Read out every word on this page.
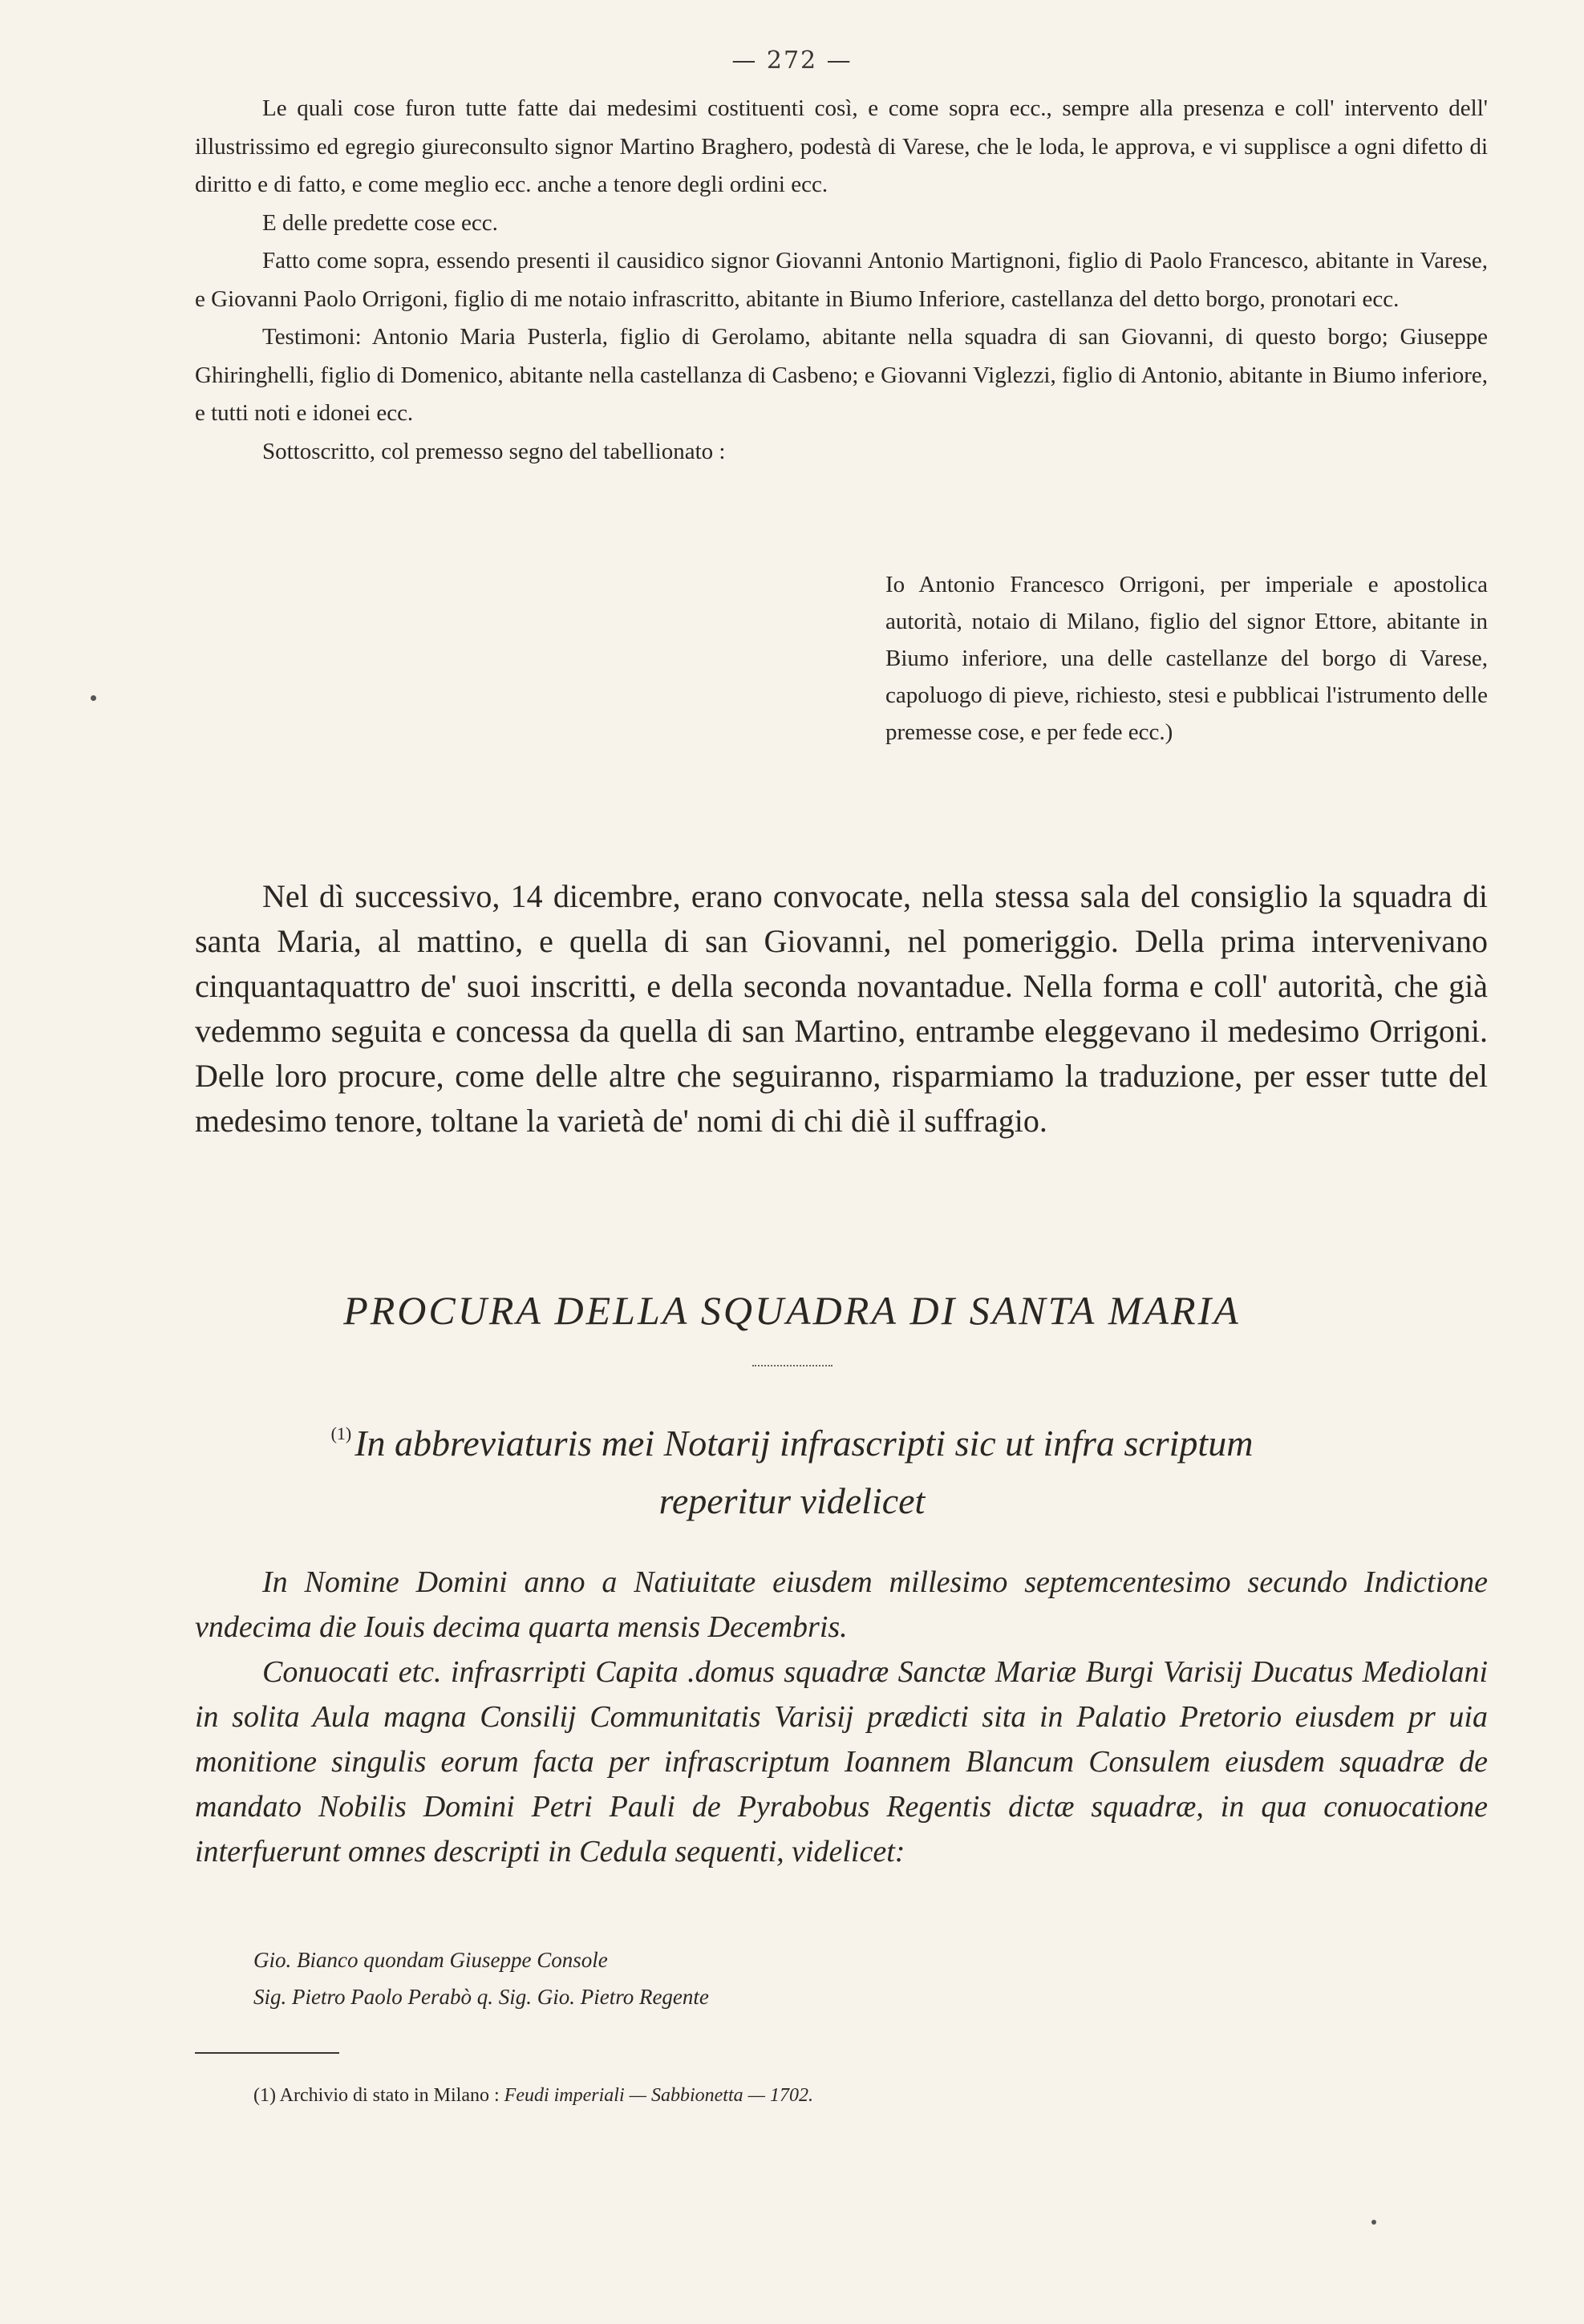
— 272 —

Le quali cose furon tutte fatte dai medesimi costituenti così, e come sopra ecc., sempre alla presenza e coll' intervento dell' illustrissimo ed egregio giureconsulto signor Martino Braghero, podestà di Varese, che le loda, le approva, e vi supplisce a ogni difetto di diritto e di fatto, e come meglio ecc. anche a tenore degli ordini ecc.

E delle predette cose ecc.

Fatto come sopra, essendo presenti il causidico signor Giovanni Antonio Martignoni, figlio di Paolo Francesco, abitante in Varese, e Giovanni Paolo Orrigoni, figlio di me notaio infrascritto, abitante in Biumo Inferiore, castellanza del detto borgo, pronotari ecc.

Testimoni: Antonio Maria Pusterla, figlio di Gerolamo, abitante nella squadra di san Giovanni, di questo borgo; Giuseppe Ghiringhelli, figlio di Domenico, abitante nella castellanza di Casbeno; e Giovanni Viglezzi, figlio di Antonio, abitante in Biumo inferiore, e tutti noti e idonei ecc.

Sottoscritto, col premesso segno del tabellionato :

Io Antonio Francesco Orrigoni, per imperiale e apostolica autorità, notaio di Milano, figlio del signor Ettore, abitante in Biumo inferiore, una delle castellanze del borgo di Varese, capoluogo di pieve, richiesto, stesi e pubblicai l'istrumento delle premesse cose, e per fede ecc.)

Nel dì successivo, 14 dicembre, erano convocate, nella stessa sala del consiglio la squadra di santa Maria, al mattino, e quella di san Giovanni, nel pomeriggio. Della prima intervenivano cinquantaquattro de' suoi inscritti, e della seconda novantadue. Nella forma e coll' autorità, che già vedemmo seguita e concessa da quella di san Martino, entrambe eleggevano il medesimo Orrigoni. Delle loro procure, come delle altre che seguiranno, risparmiamo la traduzione, per esser tutte del medesimo tenore, toltane la varietà de' nomi di chi diè il suffragio.

PROCURA DELLA SQUADRA DI SANTA MARIA
$^{(1)}$In abbreviaturis mei Notarij infrascripti sic ut infra scriptum
reperitur videlicet

In Nomine Domini anno a Natiuitate eiusdem millesimo septemcentesimo secundo Indictione vndecima die Iouis decima quarta mensis Decembris.

Conuocati etc. infrasrripti Capita .domus squadræ Sanctæ Mariæ Burgi Varisij Ducatus Mediolani in solita Aula magna Consilij Communitatis Varisij prædicti sita in Palatio Pretorio eiusdem pr uia monitione singulis eorum facta per infrascriptum Ioannem Blancum Consulem eiusdem squadræ de mandato Nobilis Domini Petri Pauli de Pyrabobus Regentis dictæ squadræ, in qua conuocatione interfuerunt omnes descripti in Cedula sequenti, videlicet:

Gio. Bianco quondam Giuseppe Console
Sig. Pietro Paolo Perabò q. Sig. Gio. Pietro Regente
(1) Archivio di stato in Milano : Feudi imperiali — Sabbionetta — 1702.
